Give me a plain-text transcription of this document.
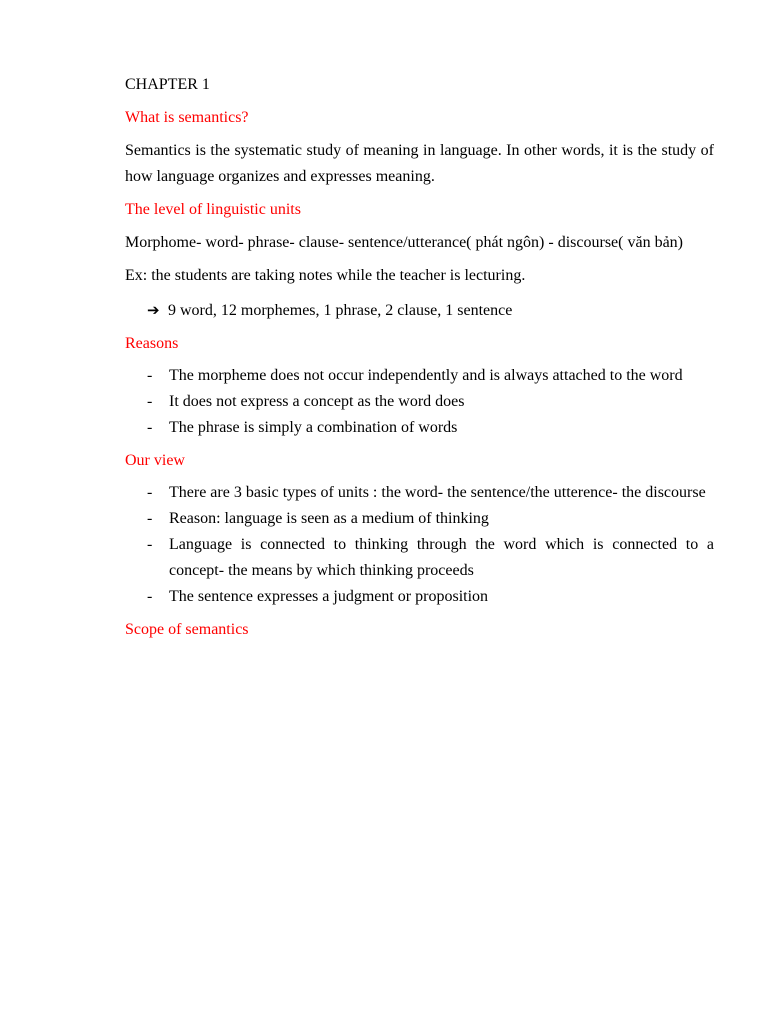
CHAPTER 1

What is semantics?

Semantics is the systematic study of meaning in language. In other words, it is the study of how language organizes and expresses meaning.

The level of linguistic units

Morphome- word- phrase- clause- sentence/utterance( phát ngôn) - discourse( văn bản)

Ex: the students are taking notes while the teacher is lecturing.

➔ 9 word, 12 morphemes, 1 phrase, 2 clause, 1 sentence

Reasons

-	The morpheme does not occur independently and is always attached to the word
-	It does not express a concept as the word does
-	The phrase is simply a combination of words

Our view

-	There are 3 basic types of units : the word- the sentence/the utterence- the discourse
-	Reason: language is seen as a medium of thinking
-	Language is connected to thinking through the word which is connected to a concept- the means by which thinking proceeds
-	The sentence expresses a judgment or proposition

Scope of semantics
